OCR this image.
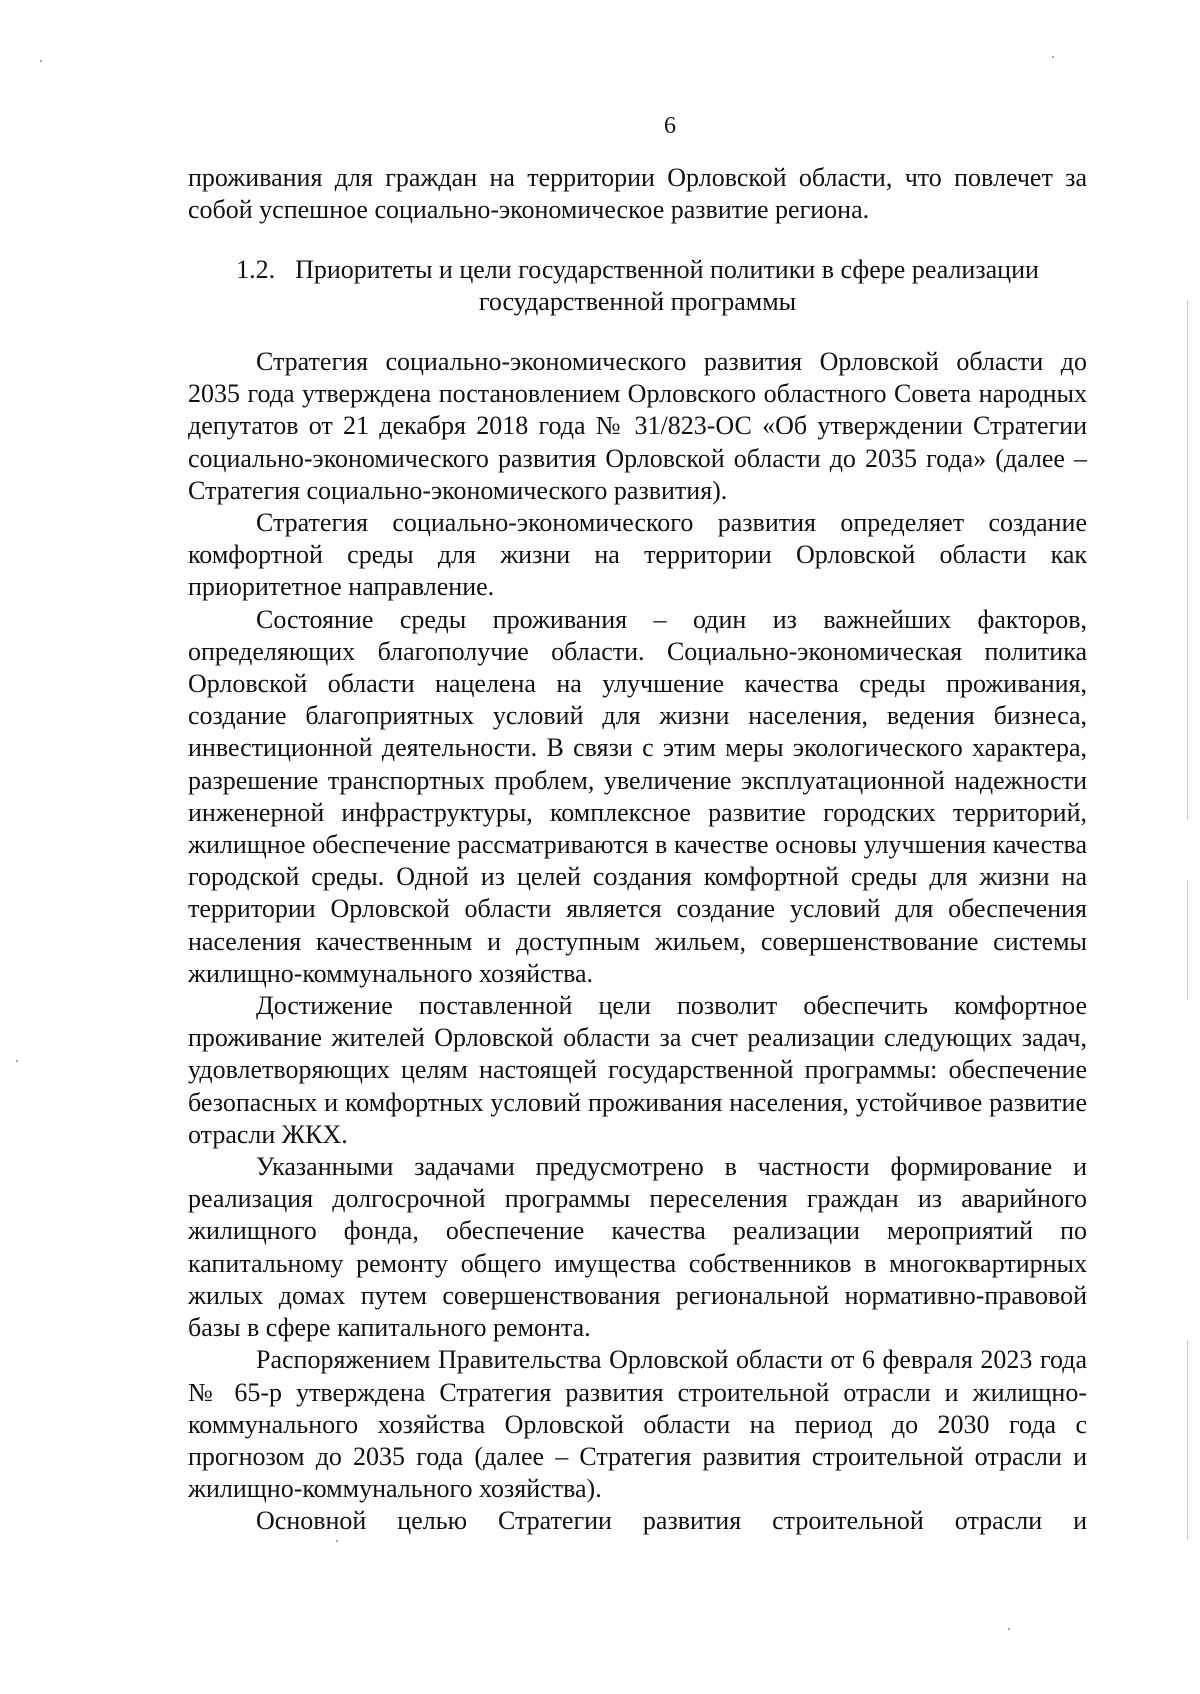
6

проживания для граждан на территории Орловской области, что повлечет за собой успешное социально-экономическое развитие региона.

1.2. Приоритеты и цели государственной политики в сфере реализации государственной программы

Стратегия социально-экономического развития Орловской области до 2035 года утверждена постановлением Орловского областного Совета народных депутатов от 21 декабря 2018 года № 31/823-ОС «Об утверждении Стратегии социально-экономического развития Орловской области до 2035 года» (далее – Стратегия социально-экономического развития).

Стратегия социально-экономического развития определяет создание комфортной среды для жизни на территории Орловской области как приоритетное направление.

Состояние среды проживания – один из важнейших факторов, определяющих благополучие области. Социально-экономическая политика Орловской области нацелена на улучшение качества среды проживания, создание благоприятных условий для жизни населения, ведения бизнеса, инвестиционной деятельности. В связи с этим меры экологического характера, разрешение транспортных проблем, увеличение эксплуатационной надежности инженерной инфраструктуры, комплексное развитие городских территорий, жилищное обеспечение рассматриваются в качестве основы улучшения качества городской среды. Одной из целей создания комфортной среды для жизни на территории Орловской области является создание условий для обеспечения населения качественным и доступным жильем, совершенствование системы жилищно-коммунального хозяйства.

Достижение поставленной цели позволит обеспечить комфортное проживание жителей Орловской области за счет реализации следующих задач, удовлетворяющих целям настоящей государственной программы: обеспечение безопасных и комфортных условий проживания населения, устойчивое развитие отрасли ЖКХ.

Указанными задачами предусмотрено в частности формирование и реализация долгосрочной программы переселения граждан из аварийного жилищного фонда, обеспечение качества реализации мероприятий по капитальному ремонту общего имущества собственников в многоквартирных жилых домах путем совершенствования региональной нормативно-правовой базы в сфере капитального ремонта.

Распоряжением Правительства Орловской области от 6 февраля 2023 года № 65-р утверждена Стратегия развития строительной отрасли и жилищно-коммунального хозяйства Орловской области на период до 2030 года с прогнозом до 2035 года (далее – Стратегия развития строительной отрасли и жилищно-коммунального хозяйства).

Основной целью Стратегии развития строительной отрасли и
